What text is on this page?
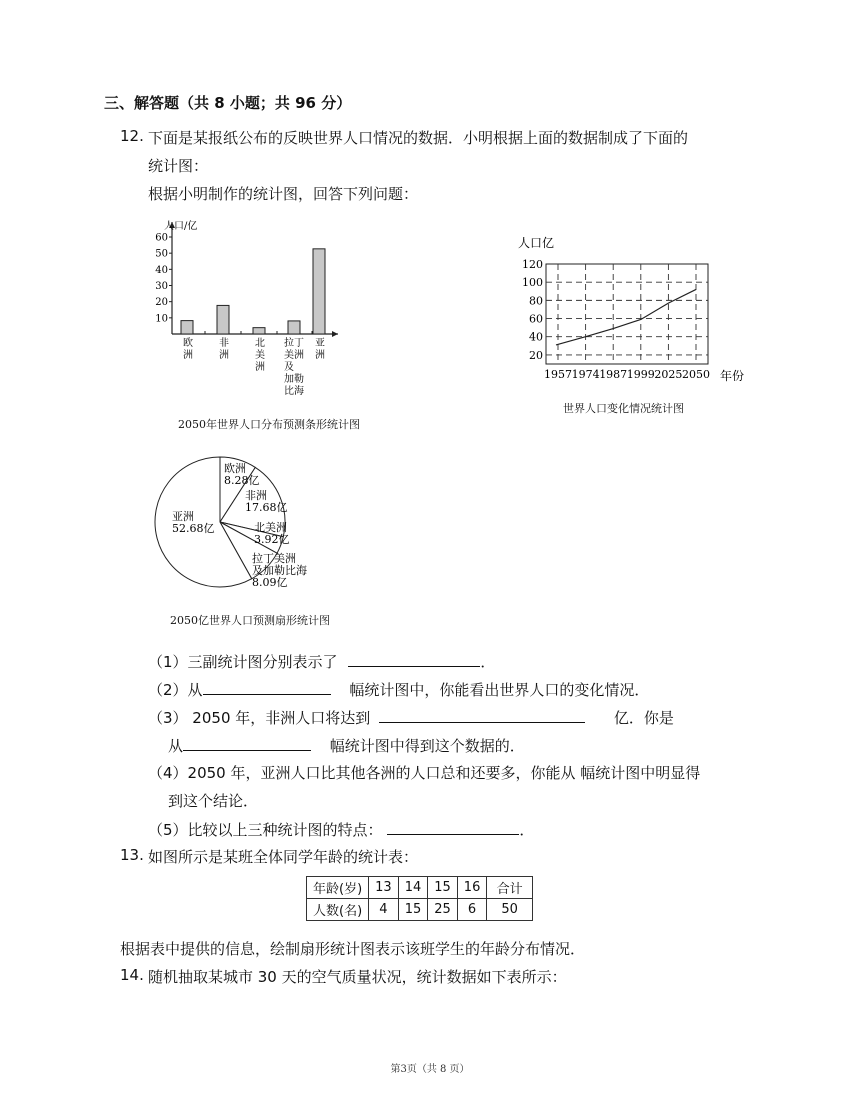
三、解答题（共 8 小题；共 96 分）
12. 下面是某报纸公布的反映世界人口情况的数据．小明根据上面的数据制成了下面的
统计图：
根据小明制作的统计图，回答下列问题：
10
20
30
40
50
60
欧
洲
非
洲
北
美
洲
拉丁
美洲
及
加勒
比海
亚
洲
人口/亿
2050年世界人口分布预测条形统计图
人口亿
20
40
60
80
100
120
1957 1974 1987 1999 2025 2050 年份
世界人口变化情况统计图
欧洲
8.28亿
非洲
17.68亿
北美洲
3.92亿
拉丁美洲
及加勒比海
8.09亿
亚洲
52.68亿
2050亿世界人口预测扇形统计图
（1）三副统计图分别表示了	．
（2）从	幅统计图中，你能看出世界人口的变化情况．
（3） 2050 年，非洲人口将达到	亿．你是
从	幅统计图中得到这个数据的．
（4）2050 年，亚洲人口比其他各洲的人口总和还要多，你能从 幅统计图中明显得
到这个结论．
（5）比较以上三种统计图的特点：	．
13. 如图所示是某班全体同学年龄的统计表：
年龄(岁)	13	14	15	16	合计
人数(名)	4	15	25	6	50
根据表中提供的信息，绘制扇形统计图表示该班学生的年龄分布情况．
14. 随机抽取某城市 30 天的空气质量状况，统计数据如下表所示：
第3页（共 8 页）
